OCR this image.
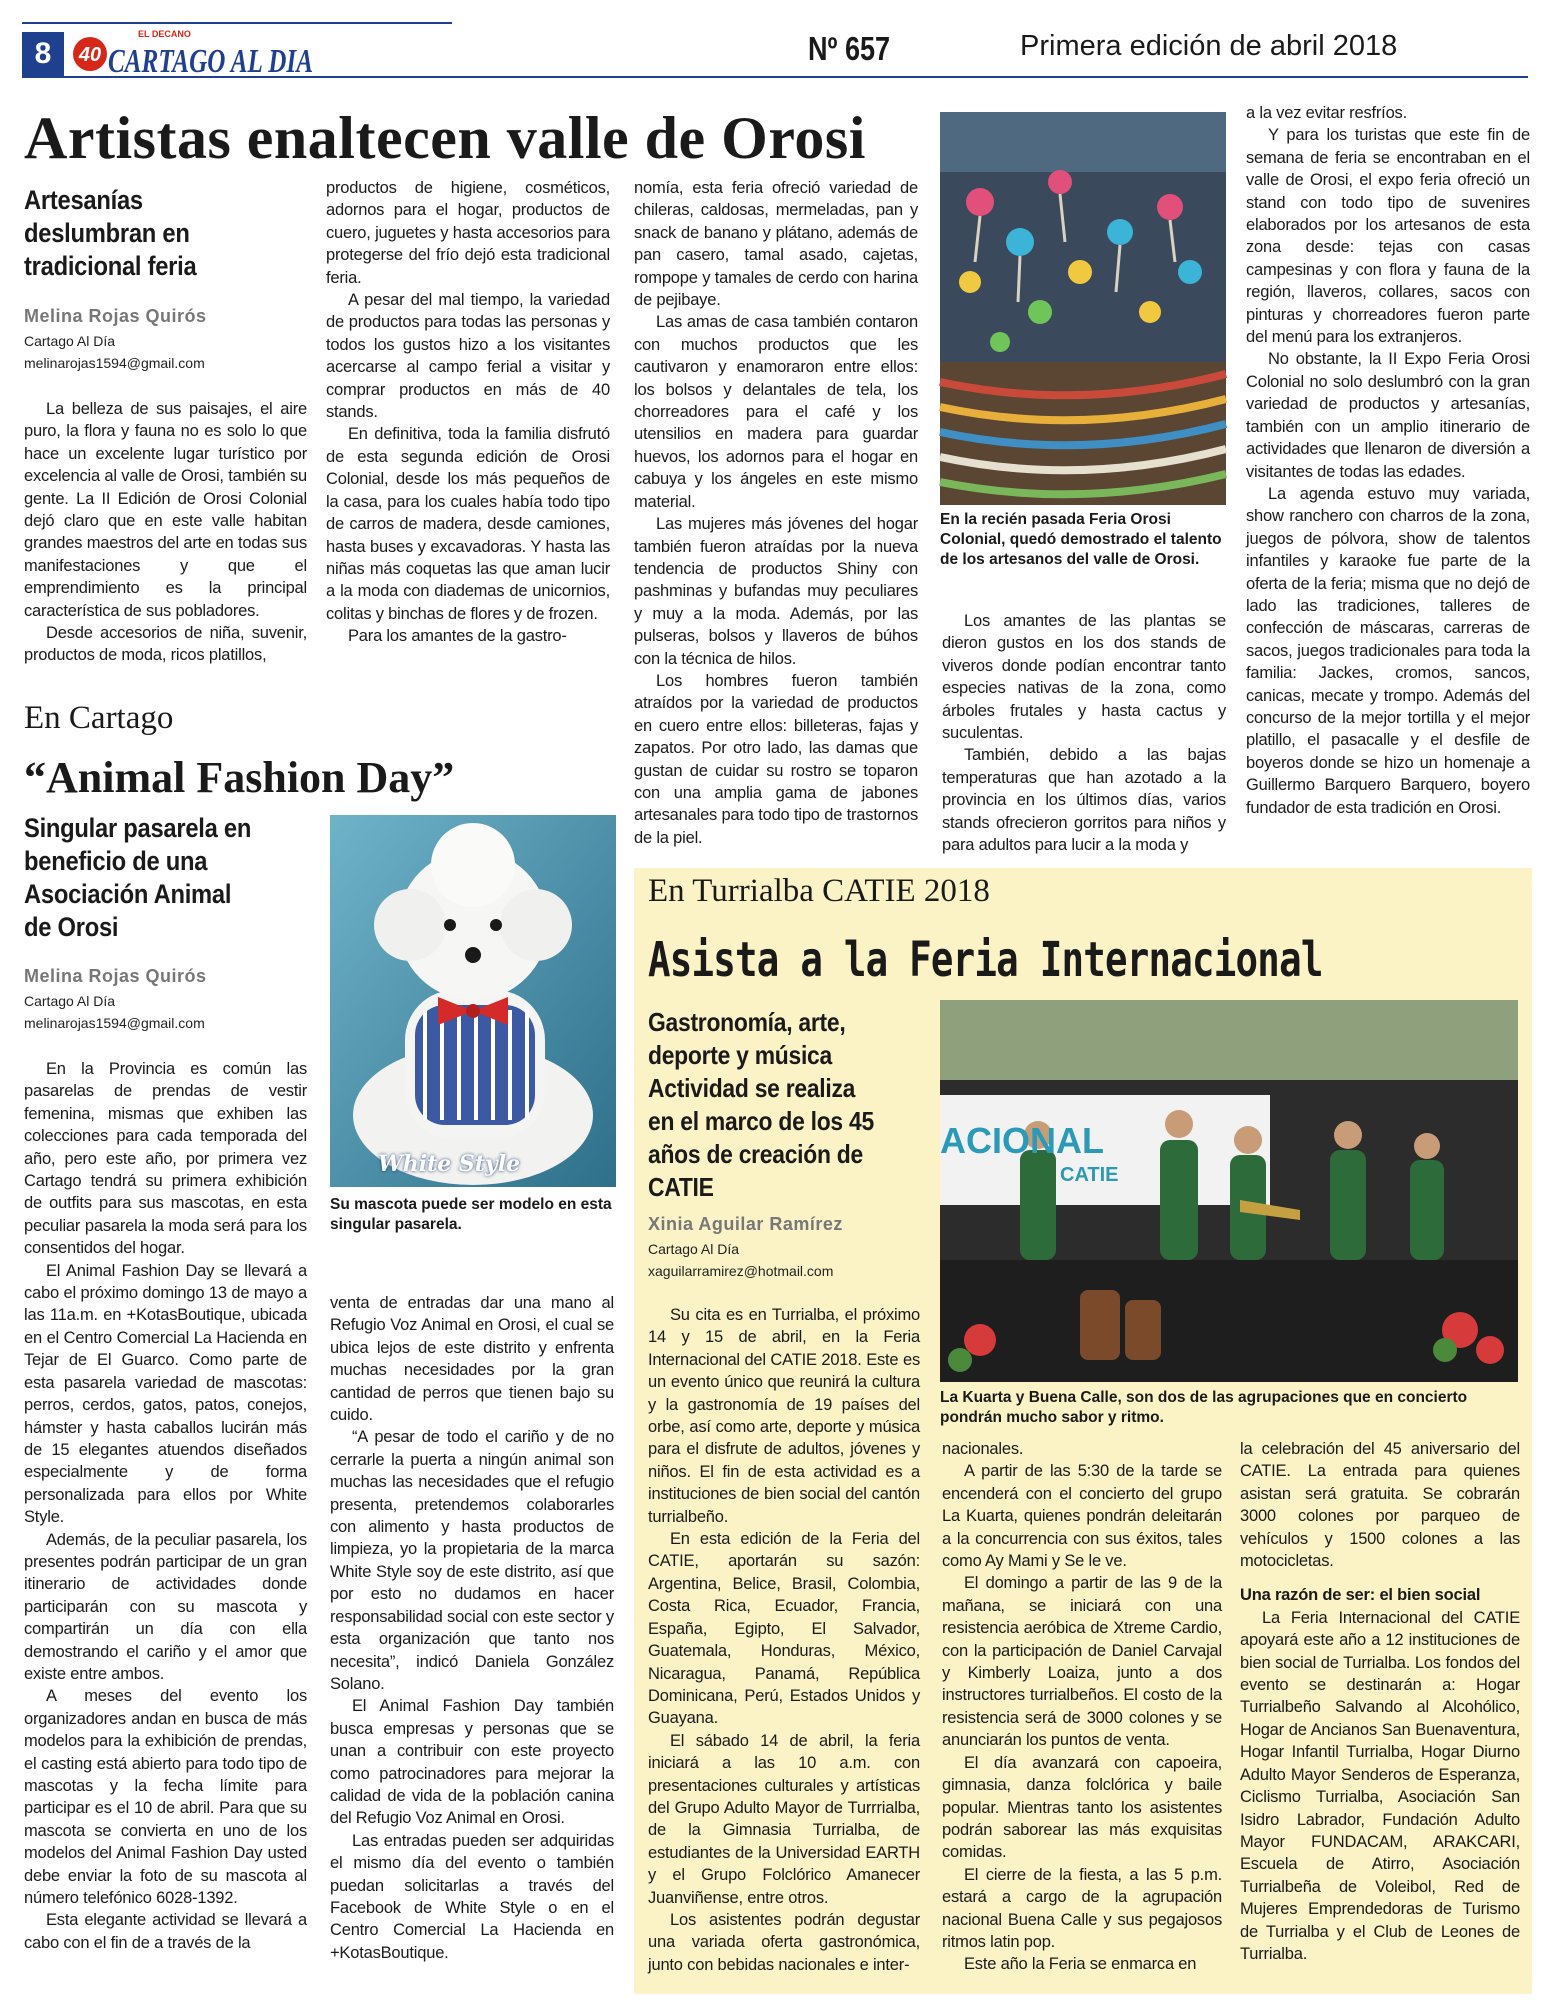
8	40
EL DECANO
CARTAGO AL DIA	Nº 657	Primera edición de abril 2018
Artistas enaltecen valle de Orosi
Artesanías deslumbran en tradicional feria
Melina Rojas Quirós
Cartago Al Día
melinarojas1594@gmail.com

La belleza de sus paisajes, el aire puro, la flora y fauna no es solo lo que hace un excelente lugar turístico por excelencia al valle de Orosi, también su gente. La II Edición de Orosi Colonial dejó claro que en este valle habitan grandes maestros del arte en todas sus manifestaciones y que el emprendimiento es la principal característica de sus pobladores.

Desde accesorios de niña, suvenir, productos de moda, ricos platillos,

productos de higiene, cosméticos, adornos para el hogar, productos de cuero, juguetes y hasta accesorios para protegerse del frío dejó esta tradicional feria.

A pesar del mal tiempo, la variedad de productos para todas las personas y todos los gustos hizo a los visitantes acercarse al campo ferial a visitar y comprar productos en más de 40 stands.

En definitiva, toda la familia disfrutó de esta segunda edición de Orosi Colonial, desde los más pequeños de la casa, para los cuales había todo tipo de carros de madera, desde camiones, hasta buses y excavadoras. Y hasta las niñas más coquetas las que aman lucir a la moda con diademas de unicornios, colitas y binchas de flores y de frozen.

Para los amantes de la gastro-

nomía, esta feria ofreció variedad de chileras, caldosas, mermeladas, pan y snack de banano y plátano, además de pan casero, tamal asado, cajetas, rompope y tamales de cerdo con harina de pejibaye.

Las amas de casa también contaron con muchos productos que les cautivaron y enamoraron entre ellos: los bolsos y delantales de tela, los chorreadores para el café y los utensilios en madera para guardar huevos, los adornos para el hogar en cabuya y los ángeles en este mismo material.

Las mujeres más jóvenes del hogar también fueron atraídas por la nueva tendencia de productos Shiny con pashminas y bufandas muy peculiares y muy a la moda. Además, por las pulseras, bolsos y llaveros de búhos con la técnica de hilos.

Los hombres fueron también atraídos por la variedad de productos en cuero entre ellos: billeteras, fajas y zapatos. Por otro lado, las damas que gustan de cuidar su rostro se toparon con una amplia gama de jabones artesanales para todo tipo de trastornos de la piel.

En la recién pasada Feria Orosi Colonial, quedó demostrado el talento de los artesanos del valle de Orosi.

Los amantes de las plantas se dieron gustos en los dos stands de viveros donde podían encontrar tanto especies nativas de la zona, como árboles frutales y hasta cactus y suculentas.

También, debido a las bajas temperaturas que han azotado a la provincia en los últimos días, varios stands ofrecieron gorritos para niños y para adultos para lucir a la moda y

a la vez evitar resfríos.

Y para los turistas que este fin de semana de feria se encontraban en el valle de Orosi, el expo feria ofreció un stand con todo tipo de suvenires elaborados por los artesanos de esta zona desde: tejas con casas campesinas y con flora y fauna de la región, llaveros, collares, sacos con pinturas y chorreadores fueron parte del menú para los extranjeros.

No obstante, la II Expo Feria Orosi Colonial no solo deslumbró con la gran variedad de productos y artesanías, también con un amplio itinerario de actividades que llenaron de diversión a visitantes de todas las edades.

La agenda estuvo muy variada, show ranchero con charros de la zona, juegos de pólvora, show de talentos infantiles y karaoke fue parte de la oferta de la feria; misma que no dejó de lado las tradiciones, talleres de confección de máscaras, carreras de sacos, juegos tradicionales para toda la familia: Jackes, cromos, sancos, canicas, mecate y trompo. Además del concurso de la mejor tortilla y el mejor platillo, el pasacalle y el desfile de boyeros donde se hizo un homenaje a Guillermo Barquero Barquero, boyero fundador de esta tradición en Orosi.

En Cartago
“Animal Fashion Day”
Singular pasarela en beneficio de una Asociación Animal de Orosi
Melina Rojas Quirós
Cartago Al Día
melinarojas1594@gmail.com
White Style
Su mascota puede ser modelo en esta singular pasarela.

En la Provincia es común las pasarelas de prendas de vestir femenina, mismas que exhiben las colecciones para cada temporada del año, pero este año, por primera vez Cartago tendrá su primera exhibición de outfits para sus mascotas, en esta peculiar pasarela la moda será para los consentidos del hogar.

El Animal Fashion Day se llevará a cabo el próximo domingo 13 de mayo a las 11a.m. en +KotasBoutique, ubicada en el Centro Comercial La Hacienda en Tejar de El Guarco. Como parte de esta pasarela variedad de mascotas: perros, cerdos, gatos, patos, conejos, hámster y hasta caballos lucirán más de 15 elegantes atuendos diseñados especialmente y de forma personalizada para ellos por White Style.

Además, de la peculiar pasarela, los presentes podrán participar de un gran itinerario de actividades donde participarán con su mascota y compartirán un día con ella demostrando el cariño y el amor que existe entre ambos.

A meses del evento los organizadores andan en busca de más modelos para la exhibición de prendas, el casting está abierto para todo tipo de mascotas y la fecha límite para participar es el 10 de abril. Para que su mascota se convierta en uno de los modelos del Animal Fashion Day usted debe enviar la foto de su mascota al número telefónico 6028-1392.

Esta elegante actividad se llevará a cabo con el fin de a través de la

venta de entradas dar una mano al Refugio Voz Animal en Orosi, el cual se ubica lejos de este distrito y enfrenta muchas necesidades por la gran cantidad de perros que tienen bajo su cuido.

“A pesar de todo el cariño y de no cerrarle la puerta a ningún animal son muchas las necesidades que el refugio presenta, pretendemos colaborarles con alimento y hasta productos de limpieza, yo la propietaria de la marca White Style soy de este distrito, así que por esto no dudamos en hacer responsabilidad social con este sector y esta organización que tanto nos necesita”, indicó Daniela González Solano.

El Animal Fashion Day también busca empresas y personas que se unan a contribuir con este proyecto como patrocinadores para mejorar la calidad de vida de la población canina del Refugio Voz Animal en Orosi.

Las entradas pueden ser adquiridas el mismo día del evento o también puedan solicitarlas a través del Facebook de White Style o en el Centro Comercial La Hacienda en +KotasBoutique.

En Turrialba CATIE 2018
Asista a la Feria Internacional
Gastronomía, arte, deporte y música Actividad se realiza en el marco de los 45 años de creación de CATIE
Xinia Aguilar Ramírez
Cartago Al Día
xaguilarramirez@hotmail.com
ACIONAL
CATIE
La Kuarta y Buena Calle, son dos de las agrupaciones que en concierto pondrán mucho sabor y ritmo.

Su cita es en Turrialba, el próximo 14 y 15 de abril, en la Feria Internacional del CATIE 2018. Este es un evento único que reunirá la cultura y la gastronomía de 19 países del orbe, así como arte, deporte y música para el disfrute de adultos, jóvenes y niños. El fin de esta actividad es a instituciones de bien social del cantón turrialbeño.

En esta edición de la Feria del CATIE, aportarán su sazón: Argentina, Belice, Brasil, Colombia, Costa Rica, Ecuador, Francia, España, Egipto, El Salvador, Guatemala, Honduras, México, Nicaragua, Panamá, República Dominicana, Perú, Estados Unidos y Guayana.

El sábado 14 de abril, la feria iniciará a las 10 a.m. con presentaciones culturales y artísticas del Grupo Adulto Mayor de Turrrialba, de la Gimnasia Turrialba, de estudiantes de la Universidad EARTH y el Grupo Folclórico Amanecer Juanviñense, entre otros.

Los asistentes podrán degustar una variada oferta gastronómica, junto con bebidas nacionales e inter-

nacionales.

A partir de las 5:30 de la tarde se encenderá con el concierto del grupo La Kuarta, quienes pondrán deleitarán a la concurrencia con sus éxitos, tales como Ay Mami y Se le ve.

El domingo a partir de las 9 de la mañana, se iniciará con una resistencia aeróbica de Xtreme Cardio, con la participación de Daniel Carvajal y Kimberly Loaiza, junto a dos instructores turrialbeños. El costo de la resistencia será de 3000 colones y se anunciarán los puntos de venta.

El día avanzará con capoeira, gimnasia, danza folclórica y baile popular. Mientras tanto los asistentes podrán saborear las más exquisitas comidas.

El cierre de la fiesta, a las 5 p.m. estará a cargo de la agrupación nacional Buena Calle y sus pegajosos ritmos latin pop.

Este año la Feria se enmarca en

la celebración del 45 aniversario del CATIE. La entrada para quienes asistan será gratuita. Se cobrarán 3000 colones por parqueo de vehículos y 1500 colones a las motocicletas.

Una razón de ser: el bien social

La Feria Internacional del CATIE apoyará este año a 12 instituciones de bien social de Turrialba. Los fondos del evento se destinarán a: Hogar Turrialbeño Salvando al Alcohólico, Hogar de Ancianos San Buenaventura, Hogar Infantil Turrialba, Hogar Diurno Adulto Mayor Senderos de Esperanza, Ciclismo Turrialba, Asociación San Isidro Labrador, Fundación Adulto Mayor FUNDACAM, ARAKCARI, Escuela de Atirro, Asociación Turrialbeña de Voleibol, Red de Mujeres Emprendedoras de Turismo de Turrialba y el Club de Leones de Turrialba.
